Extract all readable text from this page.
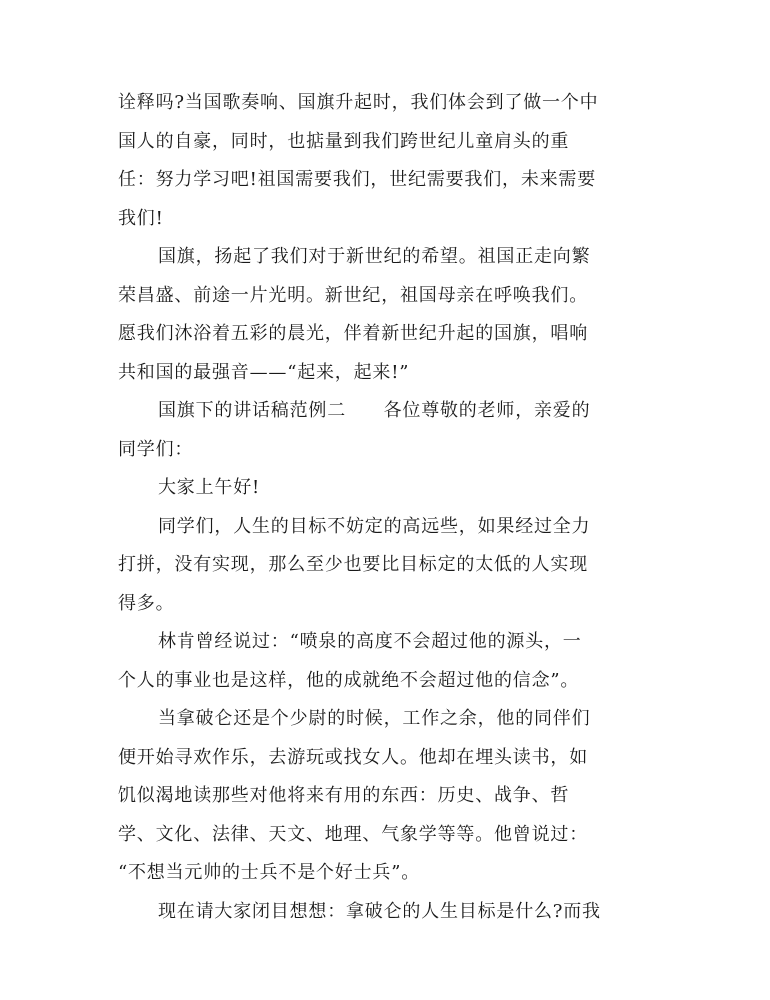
诠释吗?当国歌奏响、国旗升起时，我们体会到了做一个中
国人的自豪，同时，也掂量到我们跨世纪儿童肩头的重
任：努力学习吧!祖国需要我们，世纪需要我们，未来需要
我们!
国旗，扬起了我们对于新世纪的希望。祖国正走向繁
荣昌盛、前途一片光明。新世纪，祖国母亲在呼唤我们。
愿我们沐浴着五彩的晨光，伴着新世纪升起的国旗，唱响
共和国的最强音——“起来，起来!”
国旗下的讲话稿范例二　　各位尊敬的老师，亲爱的
同学们：
大家上午好!
同学们，人生的目标不妨定的高远些，如果经过全力
打拼，没有实现，那么至少也要比目标定的太低的人实现
得多。
林肯曾经说过：“喷泉的高度不会超过他的源头，一
个人的事业也是这样，他的成就绝不会超过他的信念”。
当拿破仑还是个少尉的时候，工作之余，他的同伴们
便开始寻欢作乐，去游玩或找女人。他却在埋头读书，如
饥似渴地读那些对他将来有用的东西：历史、战争、哲
学、文化、法律、天文、地理、气象学等等。他曾说过：
“不想当元帅的士兵不是个好士兵”。
现在请大家闭目想想：拿破仑的人生目标是什么?而我
